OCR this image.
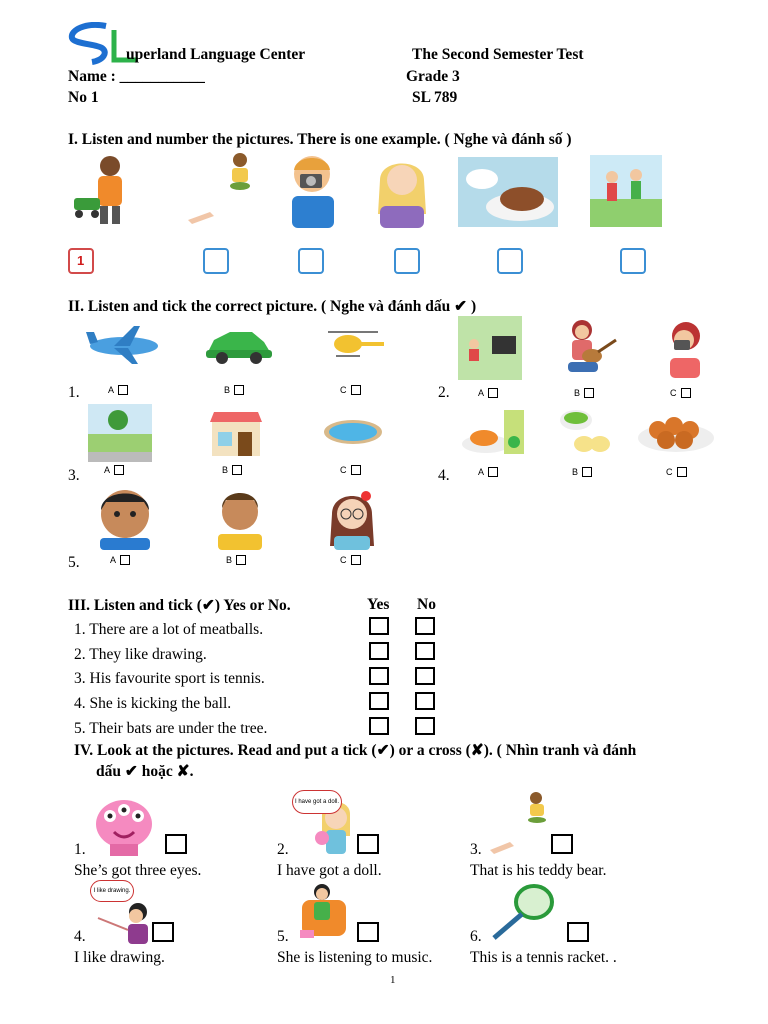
uperland Language Center	The Second Semester Test
Name : ___________	Grade 3
No 1	SL 789
I. Listen and number the pictures. There is one example. ( Nghe và đánh số )
1
II. Listen and tick the correct picture. ( Nghe và đánh dấu ✔ )
1.	A	B	C	2.	A	B	C
3.	A	B	C	4.	A	B	C
5.	A	B	C
III. Listen and tick (✔) Yes or No.	Yes No
1. There are a lot of meatballs.
2. They like drawing.
3. His favourite sport is tennis.
4. She is kicking the ball.
5. Their bats are under the tree.
IV. Look at the pictures. Read and put a tick (✔) or a cross (✘). ( Nhìn tranh và đánh
dấu ✔ hoặc ✘.
1.
She’s got three eyes.
I have got a doll.
2.
I have got a doll.
3.
That is his teddy bear.
I like drawing.
4.
I like drawing.
5.
She is listening to music.
6.
This is a tennis racket. .
1
